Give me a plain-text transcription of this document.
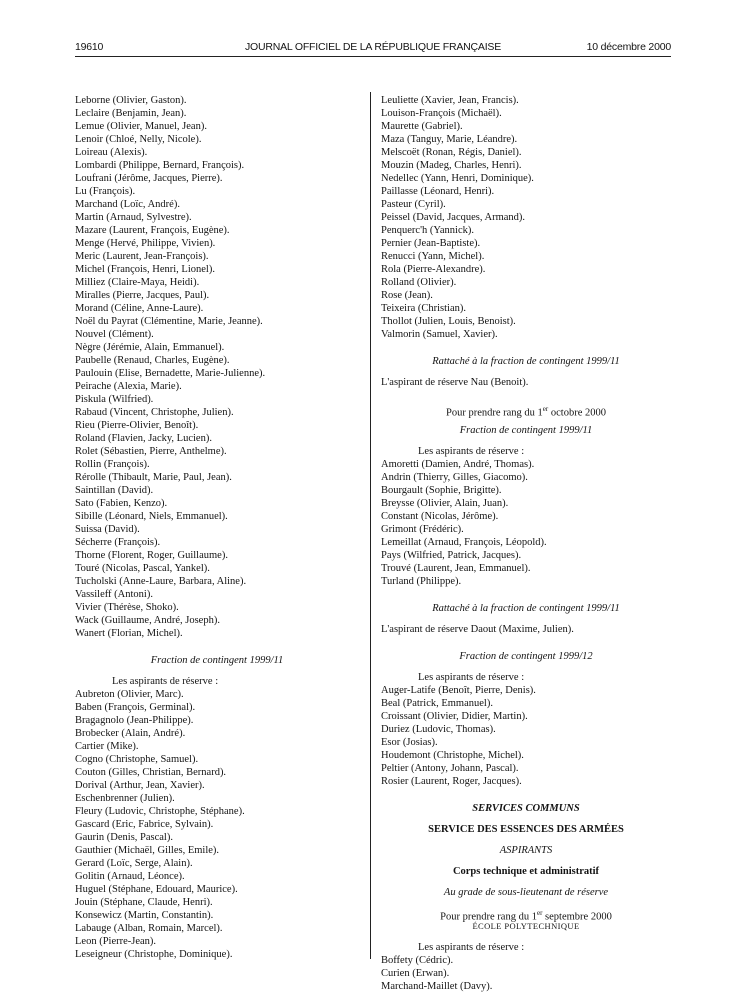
19610	JOURNAL OFFICIEL DE LA RÉPUBLIQUE FRANÇAISE	10 décembre 2000
Leborne (Olivier, Gaston).
Leclaire (Benjamin, Jean).
Lemue (Olivier, Manuel, Jean).
Lenoir (Chloé, Nelly, Nicole).
Loireau (Alexis).
Lombardi (Philippe, Bernard, François).
Loufrani (Jérôme, Jacques, Pierre).
Lu (François).
Marchand (Loïc, André).
Martin (Arnaud, Sylvestre).
Mazare (Laurent, François, Eugène).
Menge (Hervé, Philippe, Vivien).
Meric (Laurent, Jean-François).
Michel (François, Henri, Lionel).
Milliez (Claire-Maya, Heidi).
Miralles (Pierre, Jacques, Paul).
Morand (Céline, Anne-Laure).
Noël du Payrat (Clémentine, Marie, Jeanne).
Nouvel (Clément).
Nègre (Jérémie, Alain, Emmanuel).
Paubelle (Renaud, Charles, Eugène).
Paulouin (Elise, Bernadette, Marie-Julienne).
Peirache (Alexia, Marie).
Piskula (Wilfried).
Rabaud (Vincent, Christophe, Julien).
Rieu (Pierre-Olivier, Benoît).
Roland (Flavien, Jacky, Lucien).
Rolet (Sébastien, Pierre, Anthelme).
Rollin (François).
Rérolle (Thibault, Marie, Paul, Jean).
Saintillan (David).
Sato (Fabien, Kenzo).
Sibille (Léonard, Niels, Emmanuel).
Suissa (David).
Sécherre (François).
Thorne (Florent, Roger, Guillaume).
Touré (Nicolas, Pascal, Yankel).
Tucholski (Anne-Laure, Barbara, Aline).
Vassileff (Antoni).
Vivier (Thérèse, Shoko).
Wack (Guillaume, André, Joseph).
Wanert (Florian, Michel).
Fraction de contingent 1999/11
Les aspirants de réserve :
Aubreton (Olivier, Marc).
Baben (François, Germinal).
Bragagnolo (Jean-Philippe).
Brobecker (Alain, André).
Cartier (Mike).
Cogno (Christophe, Samuel).
Couton (Gilles, Christian, Bernard).
Dorival (Arthur, Jean, Xavier).
Eschenbrenner (Julien).
Fleury (Ludovic, Christophe, Stéphane).
Gascard (Eric, Fabrice, Sylvain).
Gaurin (Denis, Pascal).
Gauthier (Michaël, Gilles, Emile).
Gerard (Loïc, Serge, Alain).
Golitin (Arnaud, Léonce).
Huguel (Stéphane, Edouard, Maurice).
Jouin (Stéphane, Claude, Henri).
Konsewicz (Martin, Constantin).
Labauge (Alban, Romain, Marcel).
Leon (Pierre-Jean).
Leseigneur (Christophe, Dominique).
Leuliette (Xavier, Jean, Francis).
Louison-François (Michaël).
Maurette (Gabriel).
Maza (Tanguy, Marie, Léandre).
Melscoët (Ronan, Régis, Daniel).
Mouzin (Madeg, Charles, Henri).
Nedellec (Yann, Henri, Dominique).
Paillasse (Léonard, Henri).
Pasteur (Cyril).
Peissel (David, Jacques, Armand).
Penquerc'h (Yannick).
Pernier (Jean-Baptiste).
Renucci (Yann, Michel).
Rola (Pierre-Alexandre).
Rolland (Olivier).
Rose (Jean).
Teixeira (Christian).
Thollot (Julien, Louis, Benoist).
Valmorin (Samuel, Xavier).
Rattaché à la fraction de contingent 1999/11
L'aspirant de réserve Nau (Benoit).
Pour prendre rang du 1er octobre 2000
Fraction de contingent 1999/11
Les aspirants de réserve :
Amoretti (Damien, André, Thomas).
Andrin (Thierry, Gilles, Giacomo).
Bourgault (Sophie, Brigitte).
Breysse (Olivier, Alain, Juan).
Constant (Nicolas, Jérôme).
Grimont (Frédéric).
Lemeillat (Arnaud, François, Léopold).
Pays (Wilfried, Patrick, Jacques).
Trouvé (Laurent, Jean, Emmanuel).
Turland (Philippe).
Rattaché à la fraction de contingent 1999/11
L'aspirant de réserve Daout (Maxime, Julien).
Fraction de contingent 1999/12
Les aspirants de réserve :
Auger-Latife (Benoît, Pierre, Denis).
Beal (Patrick, Emmanuel).
Croissant (Olivier, Didier, Martin).
Duriez (Ludovic, Thomas).
Esor (Josias).
Houdemont (Christophe, Michel).
Peltier (Antony, Johann, Pascal).
Rosier (Laurent, Roger, Jacques).
SERVICES COMMUNS
SERVICE DES ESSENCES DES ARMÉES
ASPIRANTS
Corps technique et administratif
Au grade de sous-lieutenant de réserve
Pour prendre rang du 1er septembre 2000
ÉCOLE POLYTECHNIQUE
Les aspirants de réserve :
Boffety (Cédric).
Curien (Erwan).
Marchand-Maillet (Davy).
